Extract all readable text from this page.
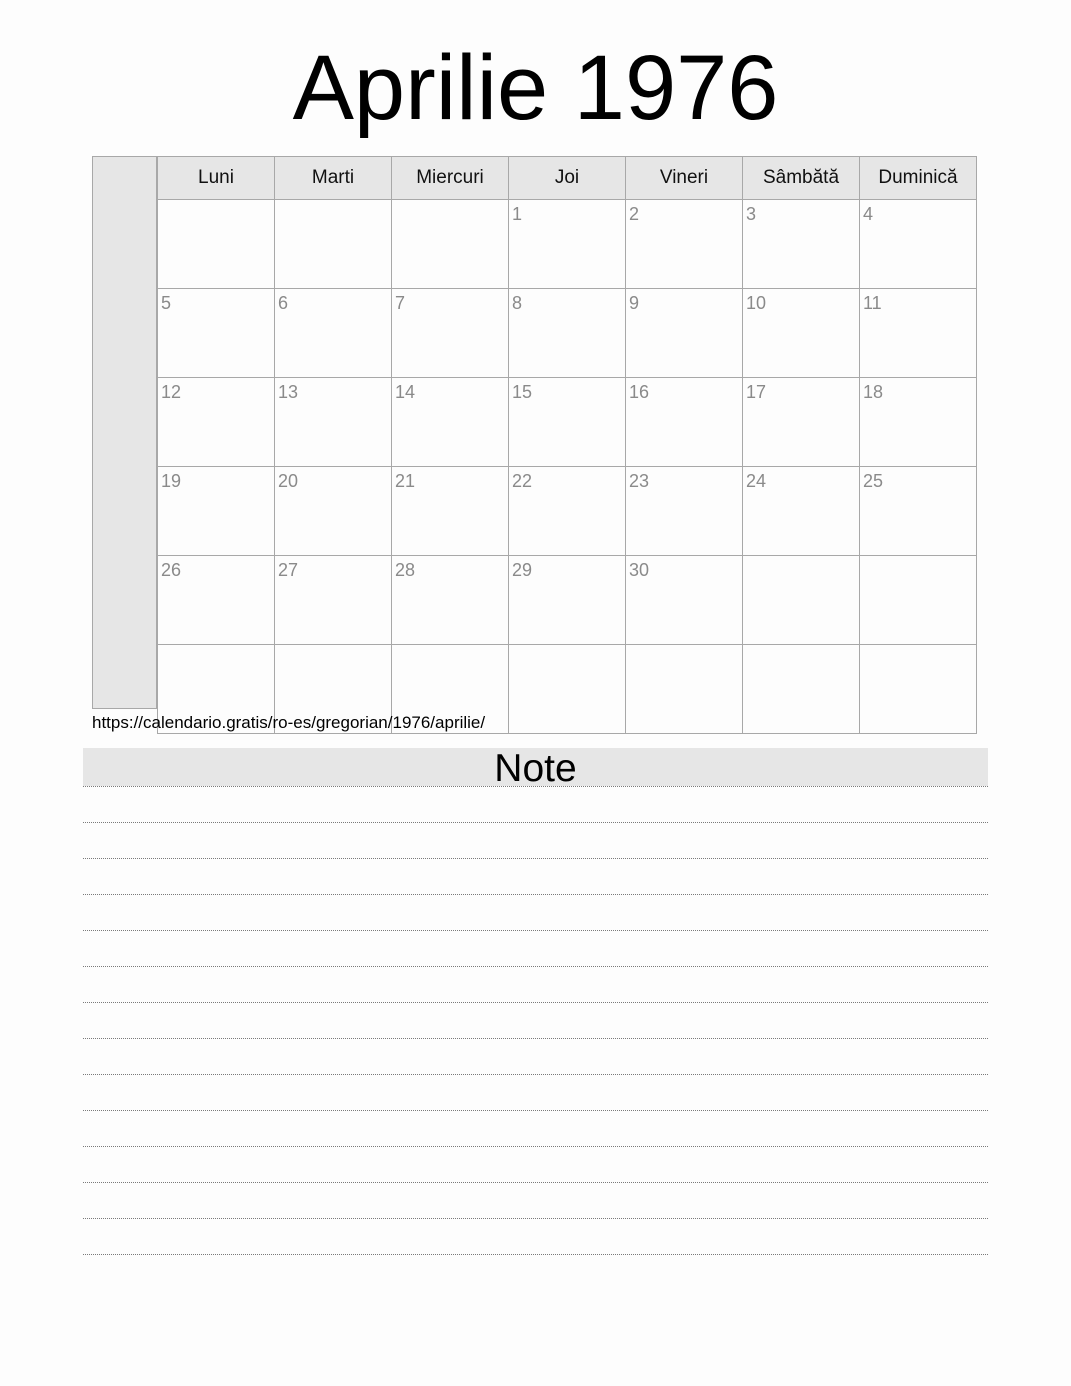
Aprilie 1976
Luni	Marti	Miercuri	Joi	Vineri	Sâmbătă	Duminică
			1	2	3	4
5	6	7	8	9	10	11
12	13	14	15	16	17	18
19	20	21	22	23	24	25
26	27	28	29	30		

https://calendario.gratis/ro-es/gregorian/1976/aprilie/
Note
